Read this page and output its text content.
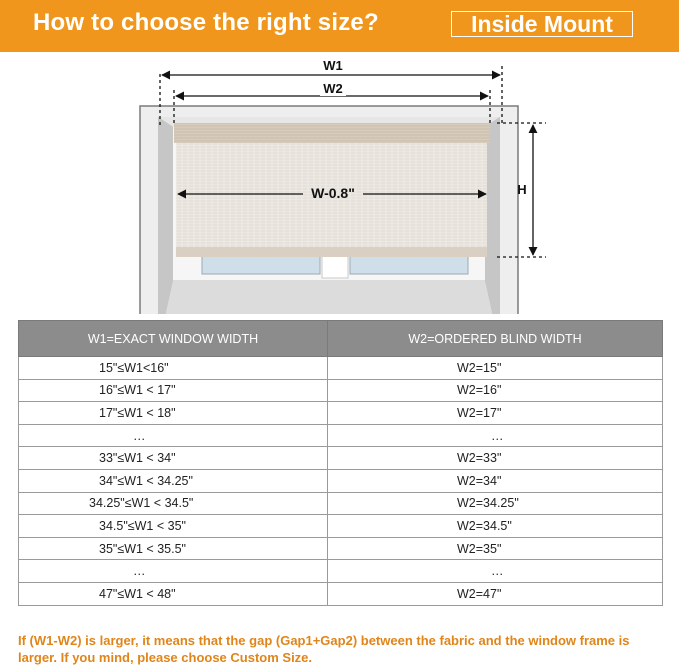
How to choose the right size?	Inside Mount
W1
W2
W-0.8"	H
W1=EXACT WINDOW WIDTH	W2=ORDERED BLIND WIDTH
15"≤W1<16"	W2=15"
16"≤W1 < 17"	W2=16"
17"≤W1 < 18"	W2=17"
…	…
33"≤W1 < 34"	W2=33"
34"≤W1 < 34.25"	W2=34"
34.25"≤W1 < 34.5"	W2=34.25"
34.5"≤W1 < 35"	W2=34.5"
35"≤W1 < 35.5"	W2=35"
…	…
47"≤W1 < 48"	W2=47"
If (W1-W2) is larger, it means that the gap (Gap1+Gap2) between the fabric and the window frame is larger. If you mind, please choose Custom Size.
